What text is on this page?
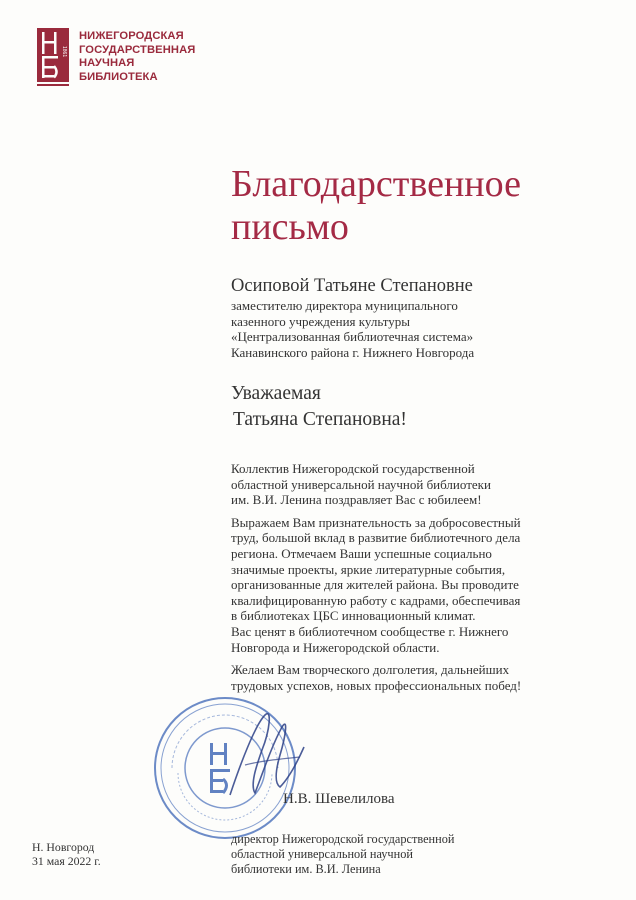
1861
НИЖЕГОРОДСКАЯ
ГОСУДАРСТВЕННАЯ
НАУЧНАЯ
БИБЛИОТЕКА
Благодарственное
письмо
Осиповой Татьяне Степановне
заместителю директора муниципального
казенного учреждения культуры
«Централизованная библиотечная система»
Канавинского района г. Нижнего Новгорода
Уважаемая
Татьяна Степановна!
Коллектив Нижегородской государственной
областной универсальной научной библиотеки
им. В.И. Ленина поздравляет Вас с юбилеем!
Выражаем Вам признательность за добросовестный
труд, большой вклад в развитие библиотечного дела
региона. Отмечаем Ваши успешные социально
значимые проекты, яркие литературные события,
организованные для жителей района. Вы проводите
квалифицированную работу с кадрами, обеспечивая
в библиотеках ЦБС инновационный климат.
Вас ценят в библиотечном сообществе г. Нижнего
Новгорода и Нижегородской области.
Желаем Вам творческого долголетия, дальнейших
трудовых успехов, новых профессиональных побед!
Н.В. Шевелилова
директор Нижегородской государственной
областной универсальной научной
библиотеки им. В.И. Ленина
Н. Новгород
31 мая 2022 г.
